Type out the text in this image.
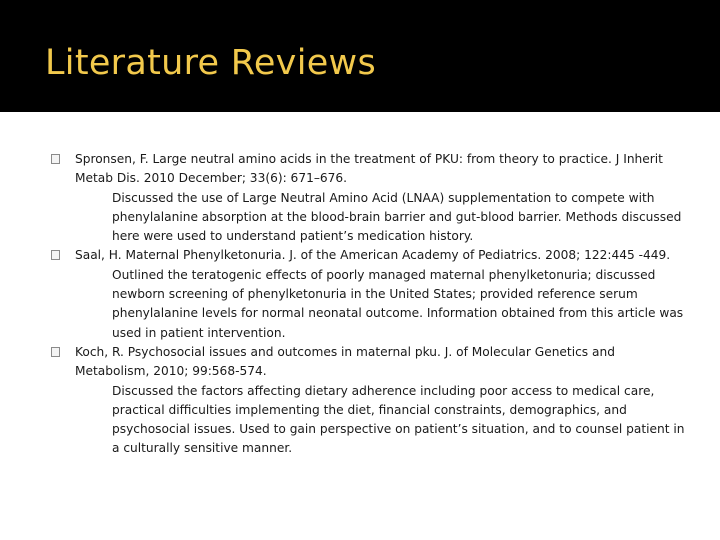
Literature Reviews
Spronsen, F. Large neutral amino acids in the treatment of PKU: from theory to practice. J Inherit Metab Dis. 2010 December; 33(6): 671–676.
Discussed the use of Large Neutral Amino Acid (LNAA) supplementation to compete with phenylalanine absorption at the blood-brain barrier and gut-blood barrier. Methods discussed here were used to understand patient’s medication history.
Saal, H. Maternal Phenylketonuria. J. of the American Academy of Pediatrics. 2008; 122:445 -449.
Outlined the teratogenic effects of poorly managed maternal phenylketonuria; discussed newborn screening of phenylketonuria in the United States; provided reference serum phenylalanine levels for normal neonatal outcome. Information obtained from this article was used in patient intervention.
Koch, R. Psychosocial issues and outcomes in maternal pku. J. of Molecular Genetics and Metabolism, 2010; 99:568-574.
Discussed the factors affecting dietary adherence including poor access to medical care, practical difficulties implementing the diet, financial constraints, demographics, and psychosocial issues. Used to gain perspective on patient’s situation, and to counsel patient in a culturally sensitive manner.
